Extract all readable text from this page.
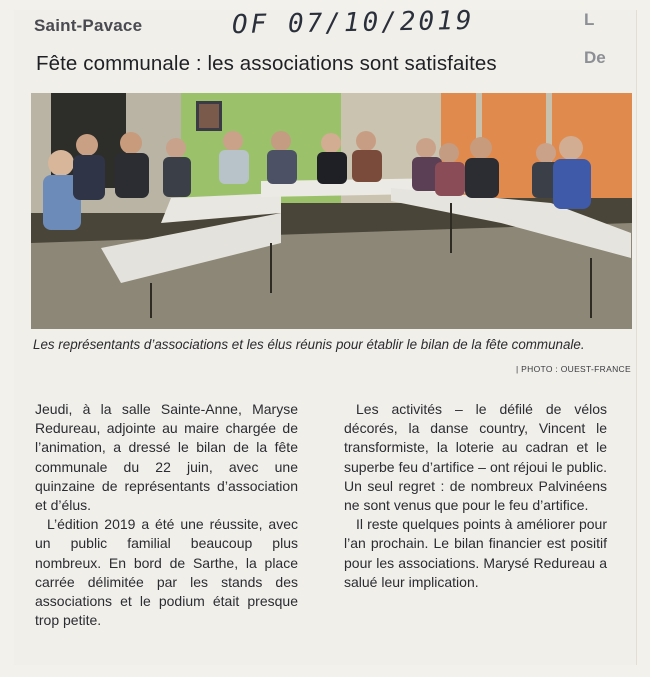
L
De
Saint-Pavace	OF 07/10/2019
Fête communale : les associations sont satisfaites
Les représentants d’associations et les élus réunis pour établir le bilan de la fête communale.
| PHOTO : OUEST-FRANCE

Jeudi, à la salle Sainte-Anne, Maryse Redureau, adjointe au maire chargée de l’animation, a dressé le bilan de la fête communale du 22 juin, avec une quinzaine de représentants d’association et d’élus.

L’édition 2019 a été une réussite, avec un public familial beaucoup plus nombreux. En bord de Sarthe, la place carrée délimitée par les stands des associations et le podium était presque trop petite.

Les activités – le défilé de vélos décorés, la danse country, Vincent le transformiste, la loterie au cadran et le superbe feu d’artifice – ont réjoui le public. Un seul regret : de nombreux Palvinéens ne sont venus que pour le feu d’artifice.

Il reste quelques points à améliorer pour l’an prochain. Le bilan financier est positif pour les associations. Marysé Redureau a salué leur implication.
